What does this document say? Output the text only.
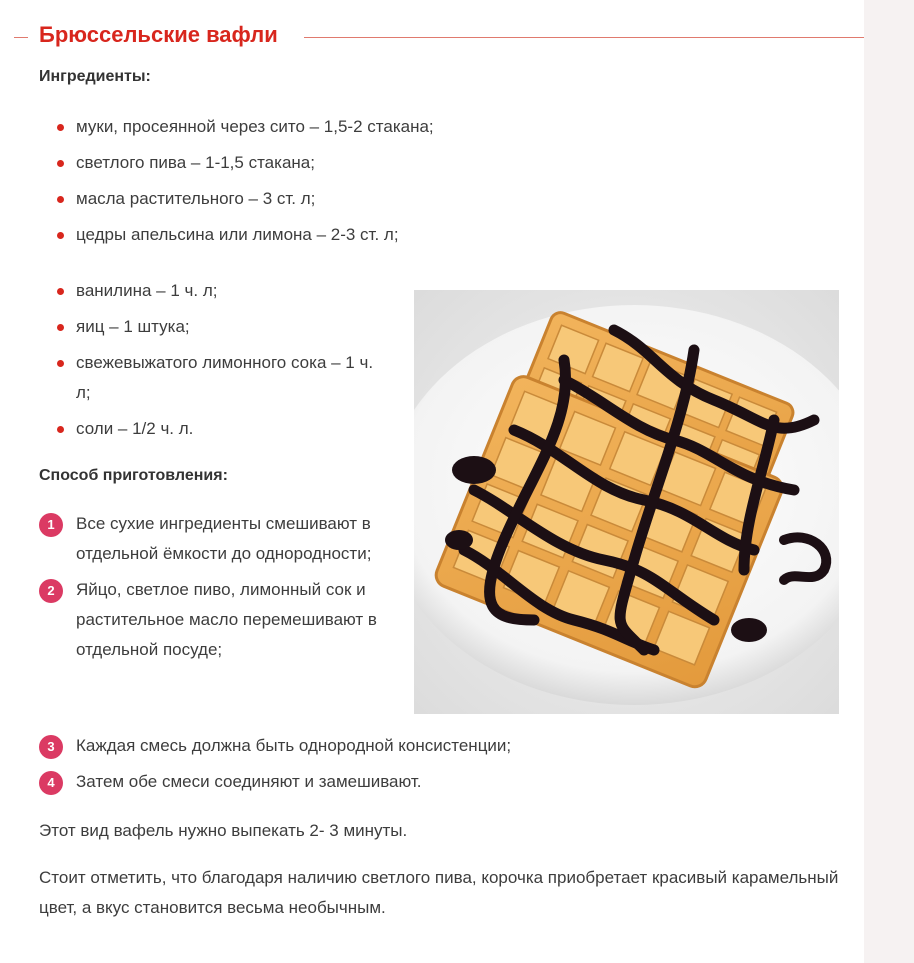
Брюссельские вафли
Ингредиенты:
муки, просеянной через сито – 1,5-2 стакана;
светлого пива – 1-1,5 стакана;
масла растительного – 3 ст. л;
цедры апельсина или лимона – 2-3 ст. л;
ванилина – 1 ч. л;
яиц – 1 штука;
свежевыжатого лимонного сока – 1 ч. л;
соли – 1/2 ч. л.
Способ приготовления:
1	Все сухие ингредиенты смешивают в отдельной ёмкости до однородности;
2	Яйцо, светлое пиво, лимонный сок и растительное масло перемешивают в отдельной посуде;
3	Каждая смесь должна быть однородной консистенции;
4	Затем обе смеси соединяют и замешивают.

Этот вид вафель нужно выпекать 2- 3 минуты.

Стоит отметить, что благодаря наличию светлого пива, корочка приобретает красивый карамельный цвет, а вкус становится весьма необычным.
